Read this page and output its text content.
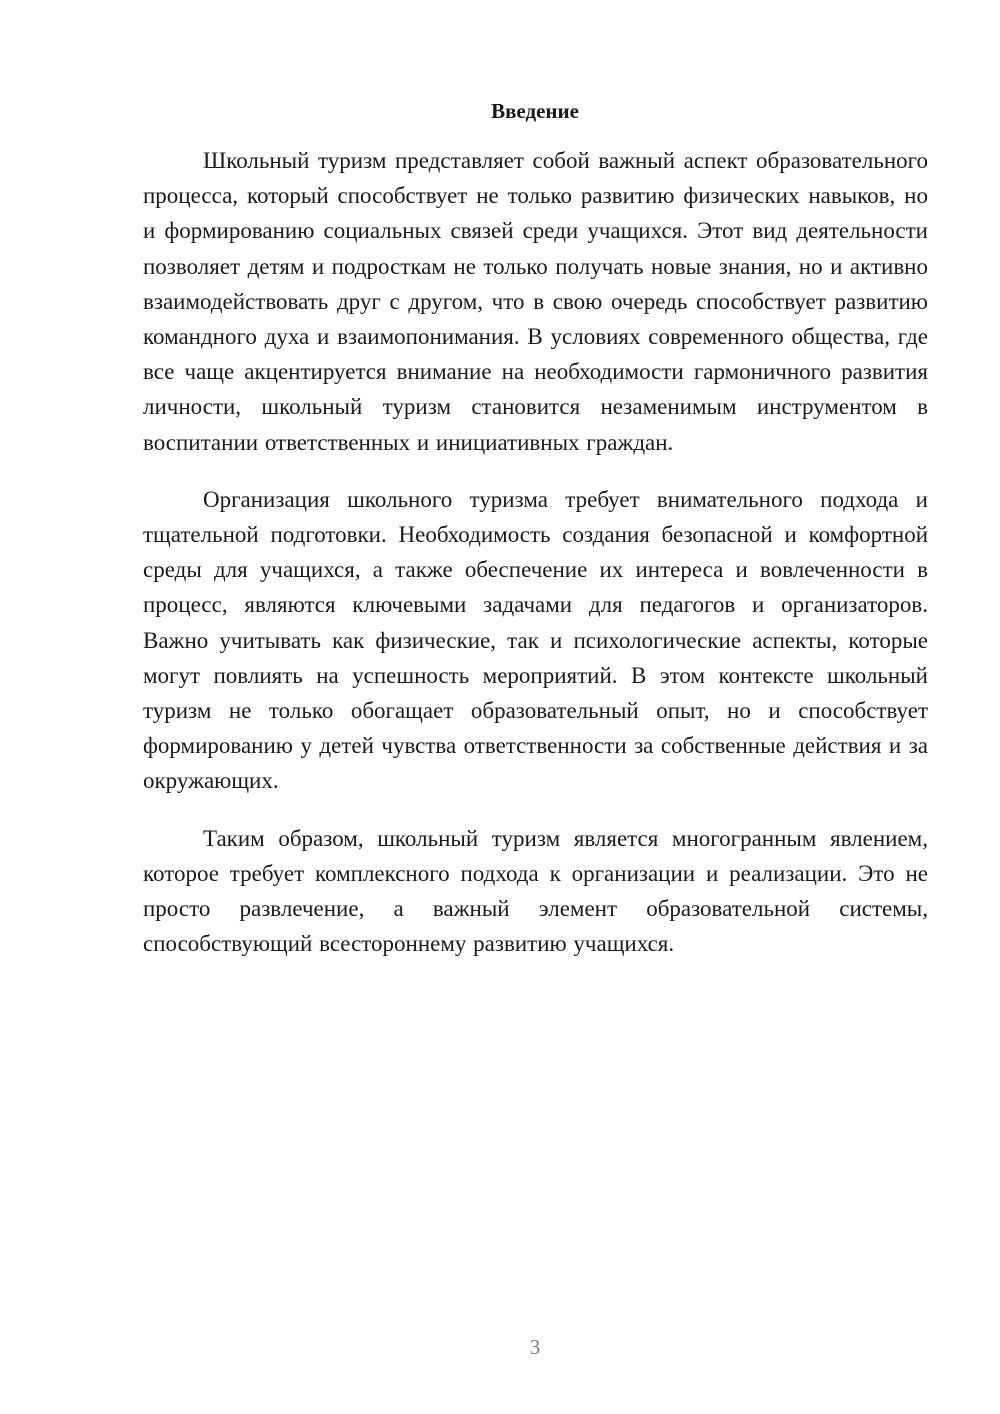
Введение

Школьный туризм представляет собой важный аспект образовательного процесса, который способствует не только развитию физических навыков, но и формированию социальных связей среди учащихся. Этот вид деятельности позволяет детям и подросткам не только получать новые знания, но и активно взаимодействовать друг с другом, что в свою очередь способствует развитию командного духа и взаимопонимания. В условиях современного общества, где все чаще акцентируется внимание на необходимости гармоничного развития личности, школьный туризм становится незаменимым инструментом в воспитании ответственных и инициативных граждан.

Организация школьного туризма требует внимательного подхода и тщательной подготовки. Необходимость создания безопасной и комфортной среды для учащихся, а также обеспечение их интереса и вовлеченности в процесс, являются ключевыми задачами для педагогов и организаторов. Важно учитывать как физические, так и психологические аспекты, которые могут повлиять на успешность мероприятий. В этом контексте школьный туризм не только обогащает образовательный опыт, но и способствует формированию у детей чувства ответственности за собственные действия и за окружающих.

Таким образом, школьный туризм является многогранным явлением, которое требует комплексного подхода к организации и реализации. Это не просто развлечение, а важный элемент образовательной системы, способствующий всестороннему развитию учащихся.

3
